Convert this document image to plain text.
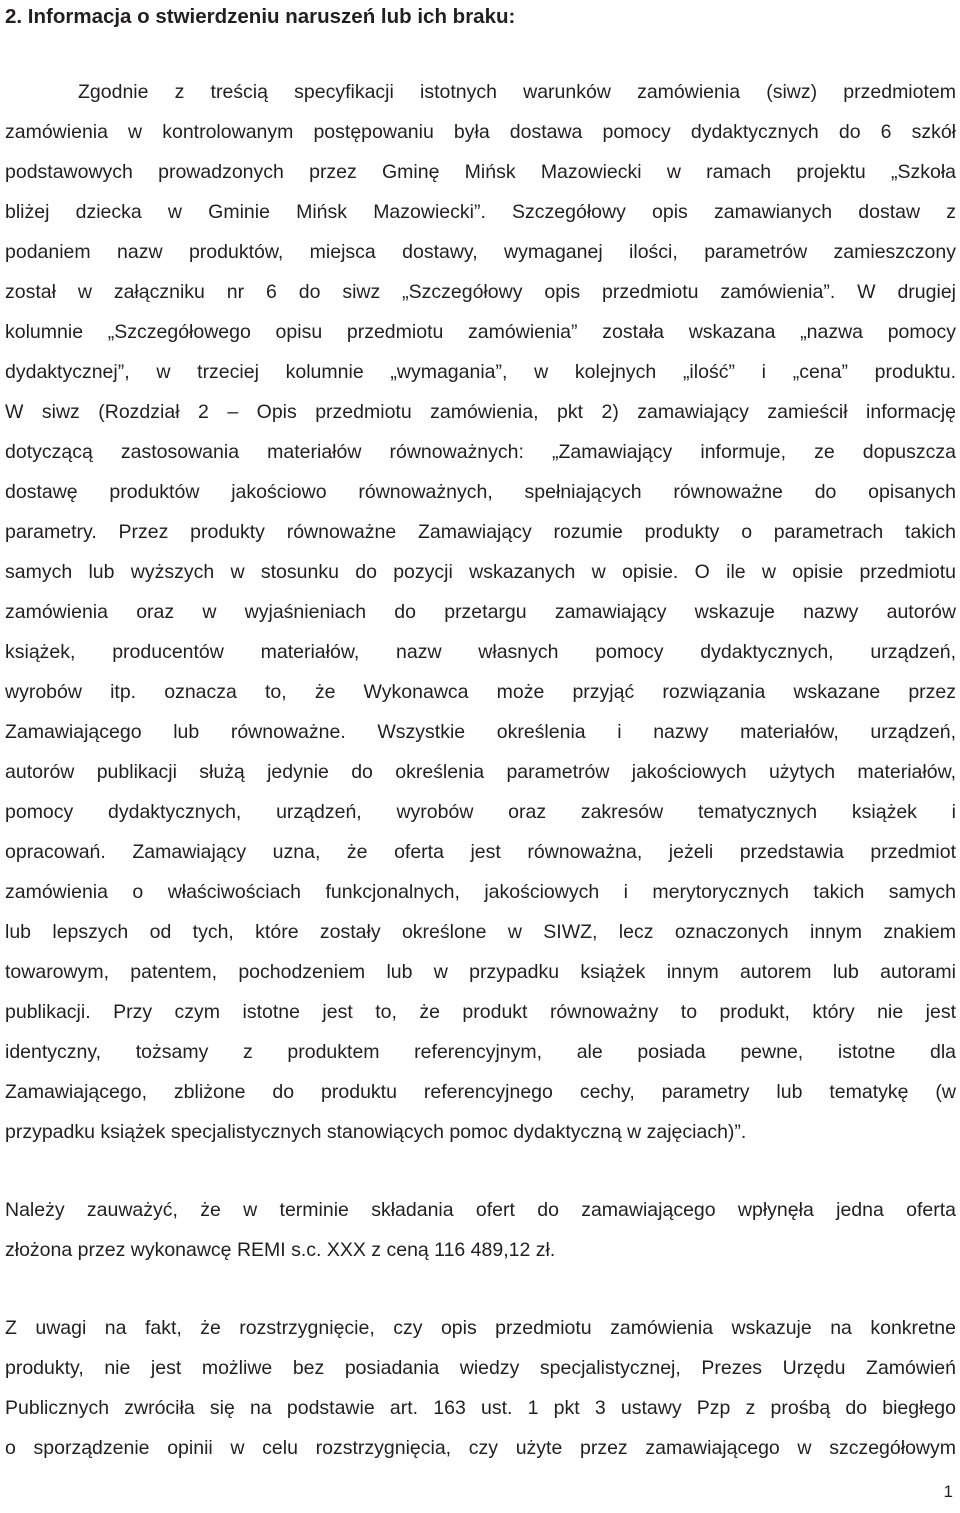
2. Informacja o stwierdzeniu naruszeń lub ich braku:

Zgodnie z treścią specyfikacji istotnych warunków zamówienia (siwz) przedmiotem
zamówienia w kontrolowanym postępowaniu była dostawa pomocy dydaktycznych do 6 szkół
podstawowych prowadzonych przez Gminę Mińsk Mazowiecki w ramach projektu „Szkoła
bliżej dziecka w Gminie Mińsk Mazowiecki”. Szczegółowy opis zamawianych dostaw z
podaniem nazw produktów, miejsca dostawy, wymaganej ilości, parametrów zamieszczony
został w załączniku nr 6 do siwz „Szczegółowy opis przedmiotu zamówienia”. W drugiej
kolumnie „Szczegółowego opisu przedmiotu zamówienia” została wskazana „nazwa pomocy
dydaktycznej”, w trzeciej kolumnie „wymagania”, w kolejnych „ilość” i „cena” produktu.
W siwz (Rozdział 2 – Opis przedmiotu zamówienia, pkt 2) zamawiający zamieścił informację
dotyczącą zastosowania materiałów równoważnych: „Zamawiający informuje, ze dopuszcza
dostawę produktów jakościowo równoważnych, spełniających równoważne do opisanych
parametry. Przez produkty równoważne Zamawiający rozumie produkty o parametrach takich
samych lub wyższych w stosunku do pozycji wskazanych w opisie. O ile w opisie przedmiotu
zamówienia oraz w wyjaśnieniach do przetargu zamawiający wskazuje nazwy autorów
książek, producentów materiałów, nazw własnych pomocy dydaktycznych, urządzeń,
wyrobów itp. oznacza to, że Wykonawca może przyjąć rozwiązania wskazane przez
Zamawiającego lub równoważne. Wszystkie określenia i nazwy materiałów, urządzeń,
autorów publikacji służą jedynie do określenia parametrów jakościowych użytych materiałów,
pomocy dydaktycznych, urządzeń, wyrobów oraz zakresów tematycznych książek i
opracowań. Zamawiający uzna, że oferta jest równoważna, jeżeli przedstawia przedmiot
zamówienia o właściwościach funkcjonalnych, jakościowych i merytorycznych takich samych
lub lepszych od tych, które zostały określone w SIWZ, lecz oznaczonych innym znakiem
towarowym, patentem, pochodzeniem lub w przypadku książek innym autorem lub autorami
publikacji. Przy czym istotne jest to, że produkt równoważny to produkt, który nie jest
identyczny, tożsamy z produktem referencyjnym, ale posiada pewne, istotne dla
Zamawiającego, zbliżone do produktu referencyjnego cechy, parametry lub tematykę (w
przypadku książek specjalistycznych stanowiących pomoc dydaktyczną w zajęciach)”.

Należy zauważyć, że w terminie składania ofert do zamawiającego wpłynęła jedna oferta
złożona przez wykonawcę REMI s.c. XXX z ceną 116 489,12 zł.

Z uwagi na fakt, że rozstrzygnięcie, czy opis przedmiotu zamówienia wskazuje na konkretne
produkty, nie jest możliwe bez posiadania wiedzy specjalistycznej, Prezes Urzędu Zamówień
Publicznych zwróciła się na podstawie art. 163 ust. 1 pkt 3 ustawy Pzp z prośbą do biegłego
o sporządzenie opinii w celu rozstrzygnięcia, czy użyte przez zamawiającego w szczegółowym

1
